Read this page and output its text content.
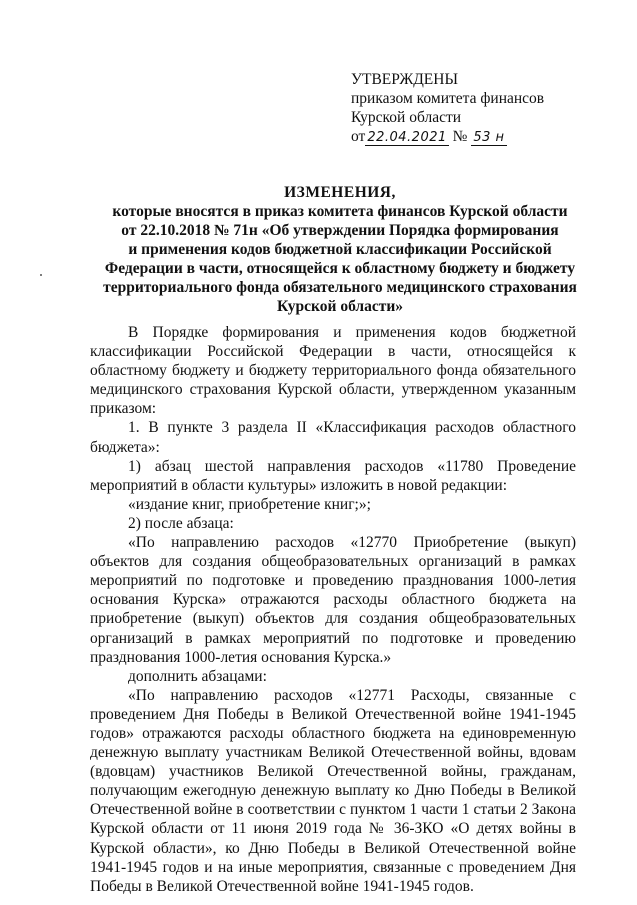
УТВЕРЖДЕНЫ
приказом комитета финансов
Курской области
от 22.04.2021 № 53 н
ИЗМЕНЕНИЯ,
которые вносятся в приказ комитета финансов Курской области
от 22.10.2018 № 71н «Об утверждении Порядка формирования
и применения кодов бюджетной классификации Российской
Федерации в части, относящейся к областному бюджету и бюджету
территориального фонда обязательного медицинского страхования
Курской области»

В Порядке формирования и применения кодов бюджетной классификации Российской Федерации в части, относящейся к областному бюджету и бюджету территориального фонда обязательного медицинского страхования Курской области, утвержденном указанным приказом:

1. В пункте 3 раздела II «Классификация расходов областного бюджета»:

1) абзац шестой направления расходов «11780 Проведение мероприятий в области культуры» изложить в новой редакции:

«издание книг, приобретение книг;»;

2) после абзаца:

«По направлению расходов «12770 Приобретение (выкуп) объектов для создания общеобразовательных организаций в рамках мероприятий по подготовке и проведению празднования 1000-летия основания Курска» отражаются расходы областного бюджета на приобретение (выкуп) объектов для создания общеобразовательных организаций в рамках мероприятий по подготовке и проведению празднования 1000-летия основания Курска.»

дополнить абзацами:

«По направлению расходов «12771 Расходы, связанные с проведением Дня Победы в Великой Отечественной войне 1941-1945 годов» отражаются расходы областного бюджета на единовременную денежную выплату участникам Великой Отечественной войны, вдовам (вдовцам) участников Великой Отечественной войны, гражданам, получающим ежегодную денежную выплату ко Дню Победы в Великой Отечественной войне в соответствии с пунктом 1 части 1 статьи 2 Закона Курской области от 11 июня 2019 года № 36-ЗКО «О детях войны в Курской области», ко Дню Победы в Великой Отечественной войне 1941-1945 годов и на иные мероприятия, связанные с проведением Дня Победы в Великой Отечественной войне 1941-1945 годов.
